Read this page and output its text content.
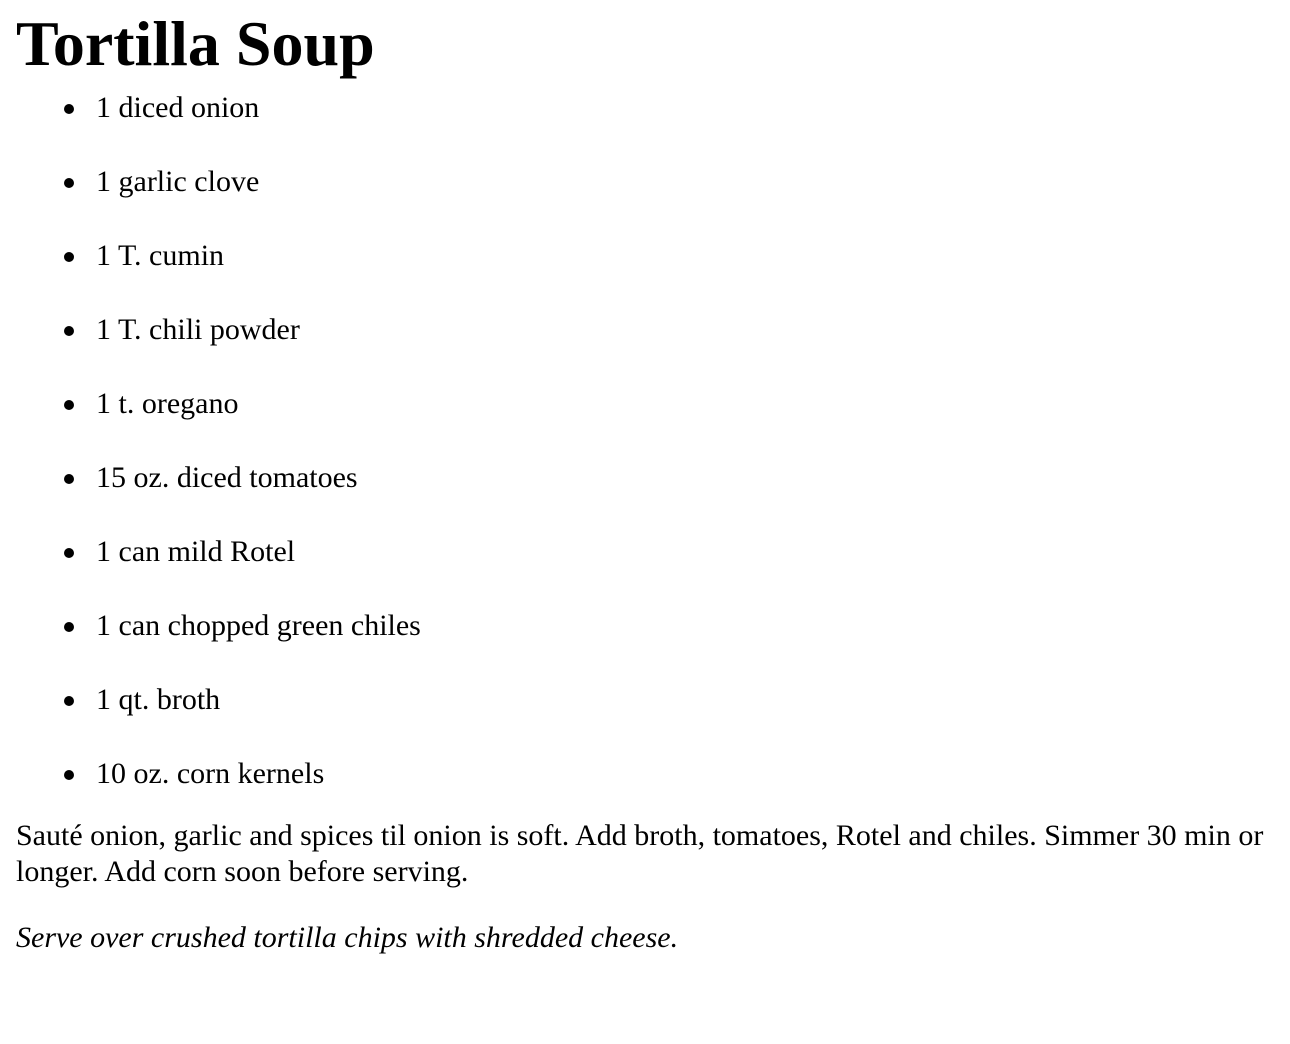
Tortilla Soup
1 diced onion
1 garlic clove
1 T. cumin
1 T. chili powder
1 t. oregano
15 oz. diced tomatoes
1 can mild Rotel
1 can chopped green chiles
1 qt. broth
10 oz. corn kernels

Sauté onion, garlic and spices til onion is soft. Add broth, tomatoes, Rotel and chiles. Simmer 30 min or longer. Add corn soon before serving.

Serve over crushed tortilla chips with shredded cheese.
